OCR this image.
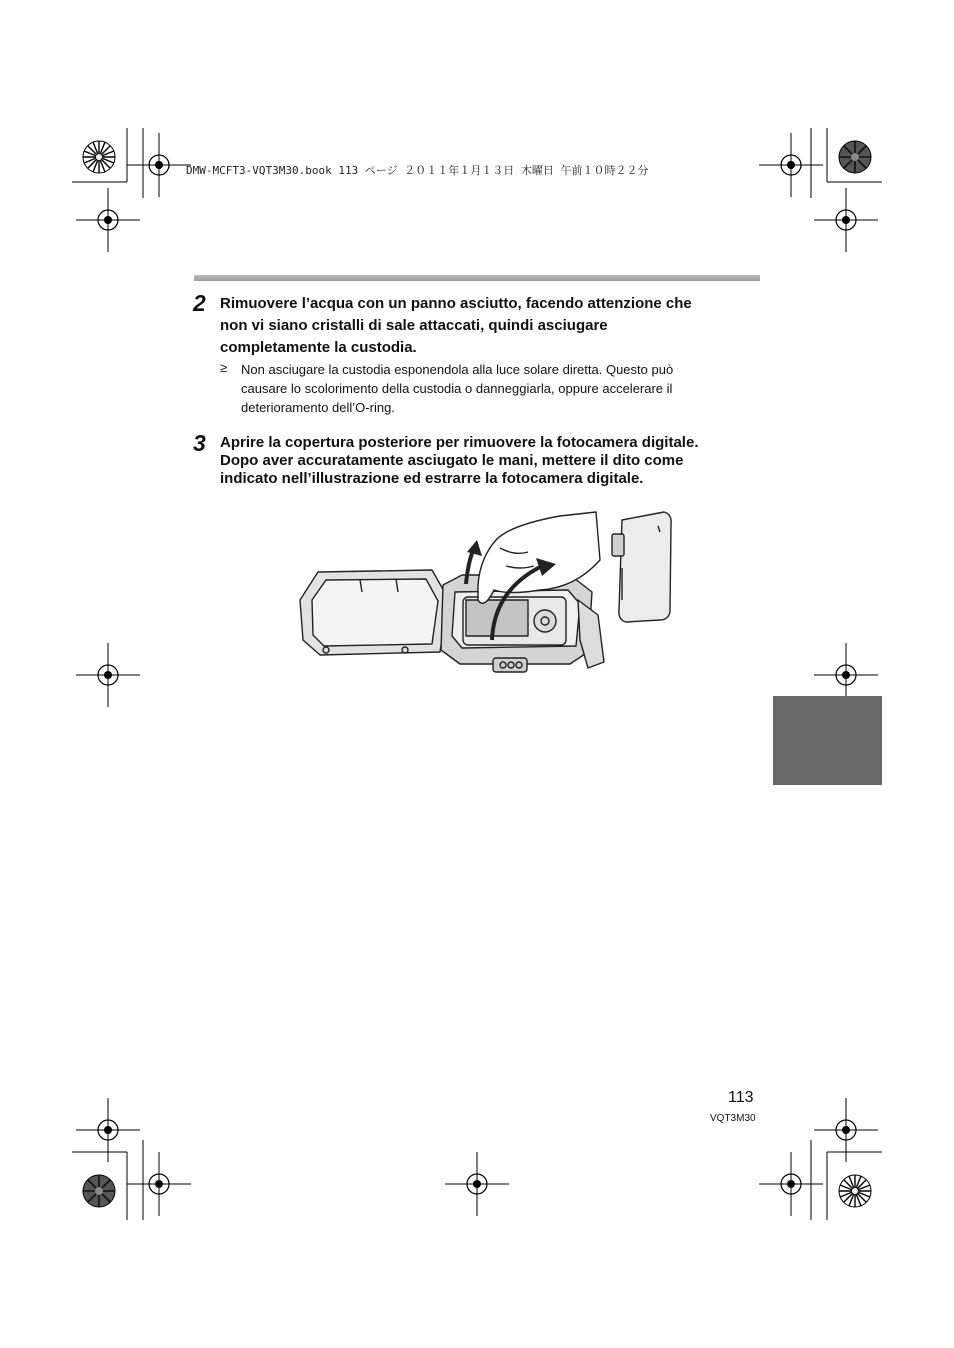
DMW-MCFT3-VQT3M30.book 113 ページ ２０１１年１月１３日 木曜日 午前１０時２２分
2 Rimuovere l’acqua con un panno asciutto, facendo attenzione che
non vi siano cristalli di sale attaccati, quindi asciugare
completamente la custodia.
≥ Non asciugare la custodia esponendola alla luce solare diretta. Questo può
causare lo scolorimento della custodia o danneggiarla, oppure accelerare il
deterioramento dell’O-ring.
3 Aprire la copertura posteriore per rimuovere la fotocamera digitale.
Dopo aver accuratamente asciugato le mani, mettere il dito come
indicato nell’illustrazione ed estrarre la fotocamera digitale.
113
VQT3M30
